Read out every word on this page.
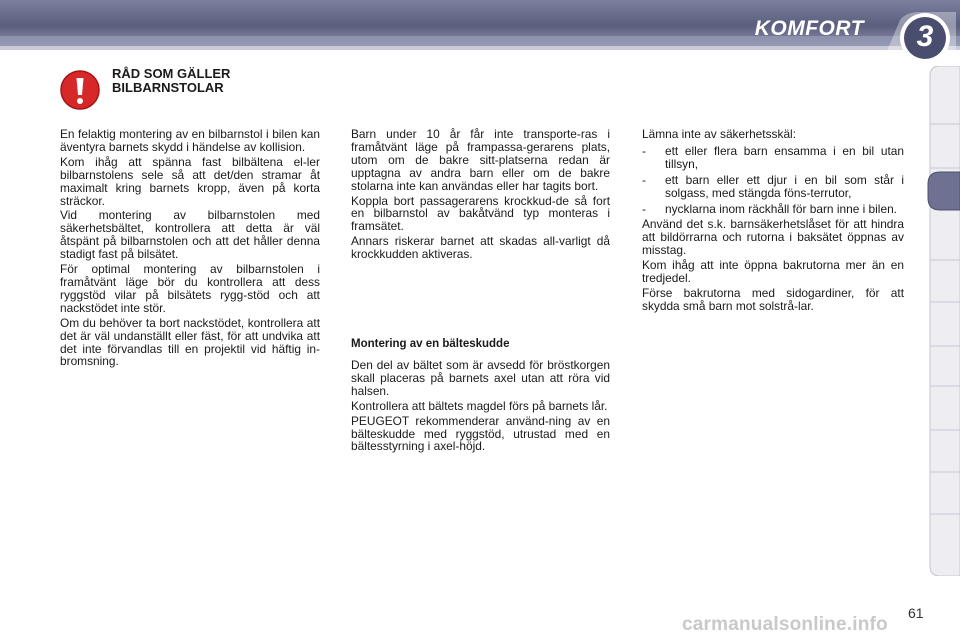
KOMFORT	3
RÅD SOM GÄLLER
BILBARNSTOLAR

En felaktig montering av en bilbarnstol i bilen kan äventyra barnets skydd i händelse av kollision.

Kom ihåg att spänna fast bilbältena el-ler bilbarnstolens sele så att det/den stramar åt maximalt kring barnets kropp, även på korta sträckor.

Vid montering av bilbarnstolen med säkerhetsbältet, kontrollera att detta är väl åtspänt på bilbarnstolen och att det håller denna stadigt fast på bilsätet.

För optimal montering av bilbarnstolen i framåtvänt läge bör du kontrollera att dess ryggstöd vilar på bilsätets rygg-stöd och att nackstödet inte stör.

Om du behöver ta bort nackstödet, kontrollera att det är väl undanställt eller fäst, för att undvika att det inte förvandlas till en projektil vid häftig in-bromsning.

Barn under 10 år får inte transporte-ras i framåtvänt läge på frampassa-gerarens plats, utom om de bakre sitt-platserna redan är upptagna av andra barn eller om de bakre stolarna inte kan användas eller har tagits bort.

Koppla bort passagerarens krockkud-de så fort en bilbarnstol av bakåtvänd typ monteras i framsätet.

Annars riskerar barnet att skadas all-varligt då krockkudden aktiveras.

Montering av en bälteskudde

Den del av bältet som är avsedd för bröstkorgen skall placeras på barnets axel utan att röra vid halsen.

Kontrollera att bältets magdel förs på barnets lår.

PEUGEOT rekommenderar använd-ning av en bälteskudde med ryggstöd, utrustad med en bältesstyrning i axel-höjd.

Lämna inte av säkerhetsskäl:

-	ett eller flera barn ensamma i en bil utan tillsyn,
-	ett barn eller ett djur i en bil som står i solgass, med stängda föns-terrutor,
-	nycklarna inom räckhåll för barn inne i bilen.

Använd det s.k. barnsäkerhetslåset för att hindra att bildörrarna och rutorna i baksätet öppnas av misstag.

Kom ihåg att inte öppna bakrutorna mer än en tredjedel.

Förse bakrutorna med sidogardiner, för att skydda små barn mot solstrå-lar.

61
carmanualsonline.info
